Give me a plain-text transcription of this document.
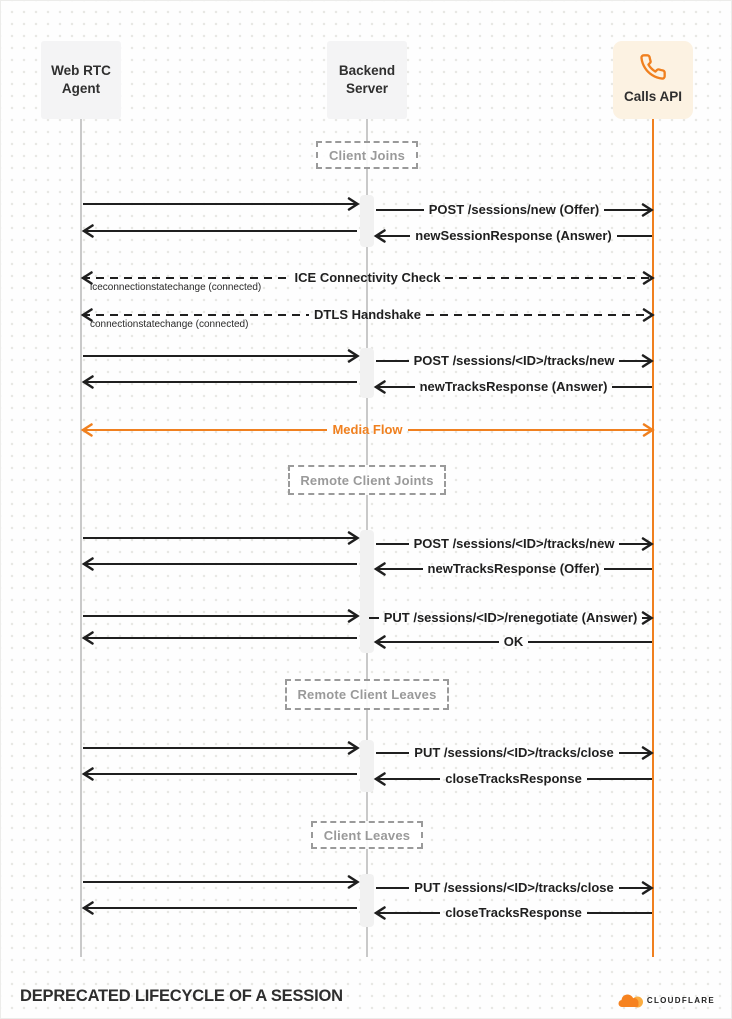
DEPRECATED LIFECYCLE OF A SESSION	CLOUDFLARE
Web RTC
Agent
Backend
Server
Calls API
Client Joins
Remote Client Joints
Remote Client Leaves
Client Leaves
POST /sessions/new (Offer)
newSessionResponse (Answer)
ICE Connectivity Check
iceconnectionstatechange (connected)
DTLS Handshake
connectionstatechange (connected)
POST /sessions/<ID>/tracks/new
newTracksResponse (Answer)
Media Flow
POST /sessions/<ID>/tracks/new
newTracksResponse (Offer)
PUT /sessions/<ID>/renegotiate (Answer)
OK
PUT /sessions/<ID>/tracks/close
closeTracksResponse
PUT /sessions/<ID>/tracks/close
closeTracksResponse
